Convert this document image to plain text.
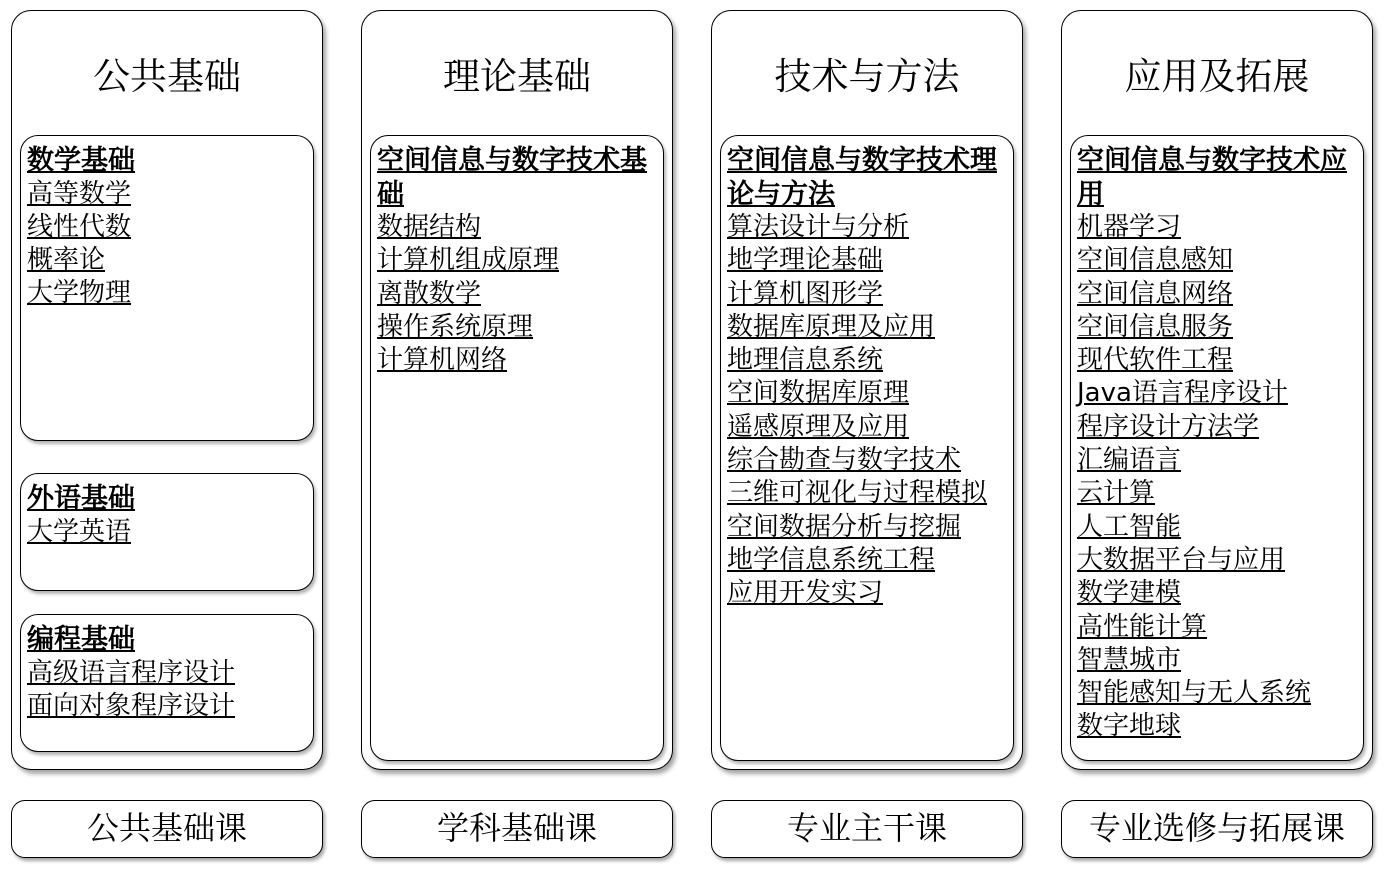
公共基础
数学基础
高等数学
线性代数
概率论
大学物理
外语基础
大学英语
编程基础
高级语言程序设计
面向对象程序设计
理论基础
空间信息与数字技术基础
数据结构
计算机组成原理
离散数学
操作系统原理
计算机网络
技术与方法
空间信息与数字技术理论与方法
算法设计与分析
地学理论基础
计算机图形学
数据库原理及应用
地理信息系统
空间数据库原理
遥感原理及应用
综合勘查与数字技术
三维可视化与过程模拟
空间数据分析与挖掘
地学信息系统工程
应用开发实习
应用及拓展
空间信息与数字技术应用
机器学习
空间信息感知
空间信息网络
空间信息服务
现代软件工程
Java语言程序设计
程序设计方法学
汇编语言
云计算
人工智能
大数据平台与应用
数学建模
高性能计算
智慧城市
智能感知与无人系统
数字地球
公共基础课	学科基础课	专业主干课	专业选修与拓展课
